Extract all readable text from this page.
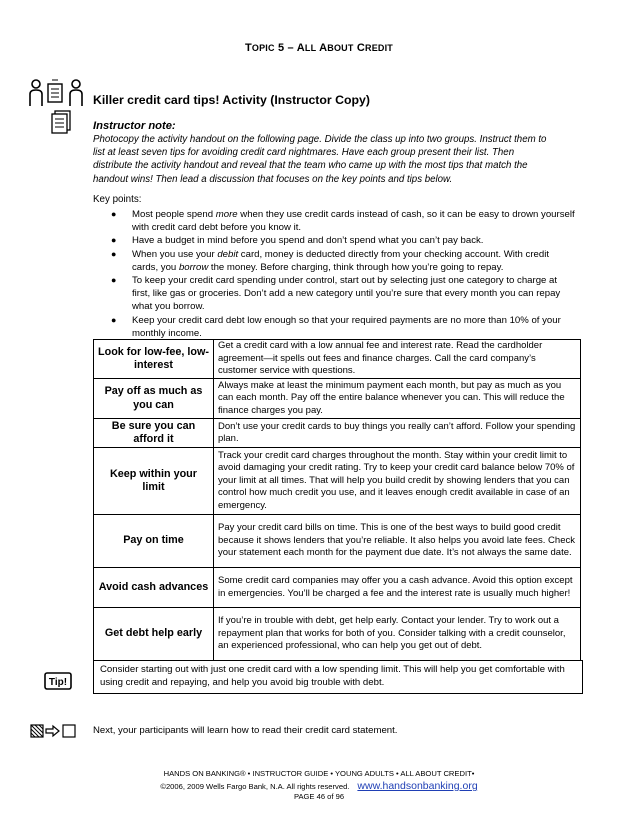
TOPIC 5 – ALL ABOUT CREDIT
Killer credit card tips! Activity (Instructor Copy)
Instructor note:
Photocopy the activity handout on the following page. Divide the class up into two groups. Instruct them to list at least seven tips for avoiding credit card nightmares. Have each group present their list. Then distribute the activity handout and reveal that the team who came up with the most tips that match the handout wins! Then lead a discussion that focuses on the key points and tips below.
Key points:
● Most people spend more when they use credit cards instead of cash, so it can be easy to drown yourself with credit card debt before you know it.
● Have a budget in mind before you spend and don’t spend what you can’t pay back.
● When you use your debit card, money is deducted directly from your checking account. With credit cards, you borrow the money. Before charging, think through how you’re going to repay.
● To keep your credit card spending under control, start out by selecting just one category to charge at first, like gas or groceries. Don’t add a new category until you’re sure that every month you can repay what you borrow.
● Keep your credit card debt low enough so that your required payments are no more than 10% of your monthly income.
Look for low-fee, low-interest	Get a credit card with a low annual fee and interest rate. Read the cardholder agreement—it spells out fees and finance charges. Call the card company’s customer service with questions.
Pay off as much as you can	Always make at least the minimum payment each month, but pay as much as you can each month. Pay off the entire balance whenever you can. This will reduce the finance charges you pay.
Be sure you can afford it	Don’t use your credit cards to buy things you really can’t afford. Follow your spending plan.
Keep within your limit	Track your credit card charges throughout the month. Stay within your credit limit to avoid damaging your credit rating. Try to keep your credit card balance below 70% of your limit at all times. That will help you build credit by showing lenders that you can control how much credit you use, and it leaves enough credit available in case of an emergency.
Pay on time	Pay your credit card bills on time. This is one of the best ways to build good credit because it shows lenders that you’re reliable. It also helps you avoid late fees. Check your statement each month for the payment due date. It’s not always the same date.
Avoid cash advances	Some credit card companies may offer you a cash advance. Avoid this option except in emergencies. You’ll be charged a fee and the interest rate is usually much higher!
Get debt help early	If you’re in trouble with debt, get help early. Contact your lender. Try to work out a repayment plan that works for both of you. Consider talking with a credit counselor, an experienced professional, who can help you get out of debt.
Tip!
Consider starting out with just one credit card with a low spending limit. This will help you get comfortable with using credit and repaying, and help you avoid big trouble with debt.
Next, your participants will learn how to read their credit card statement.
HANDS ON BANKING® • INSTRUCTOR GUIDE • YOUNG ADULTS • ALL ABOUT CREDIT•
©2006, 2009 Wells Fargo Bank, N.A. All rights reserved. www.handsonbanking.org
PAGE 46 of 96
